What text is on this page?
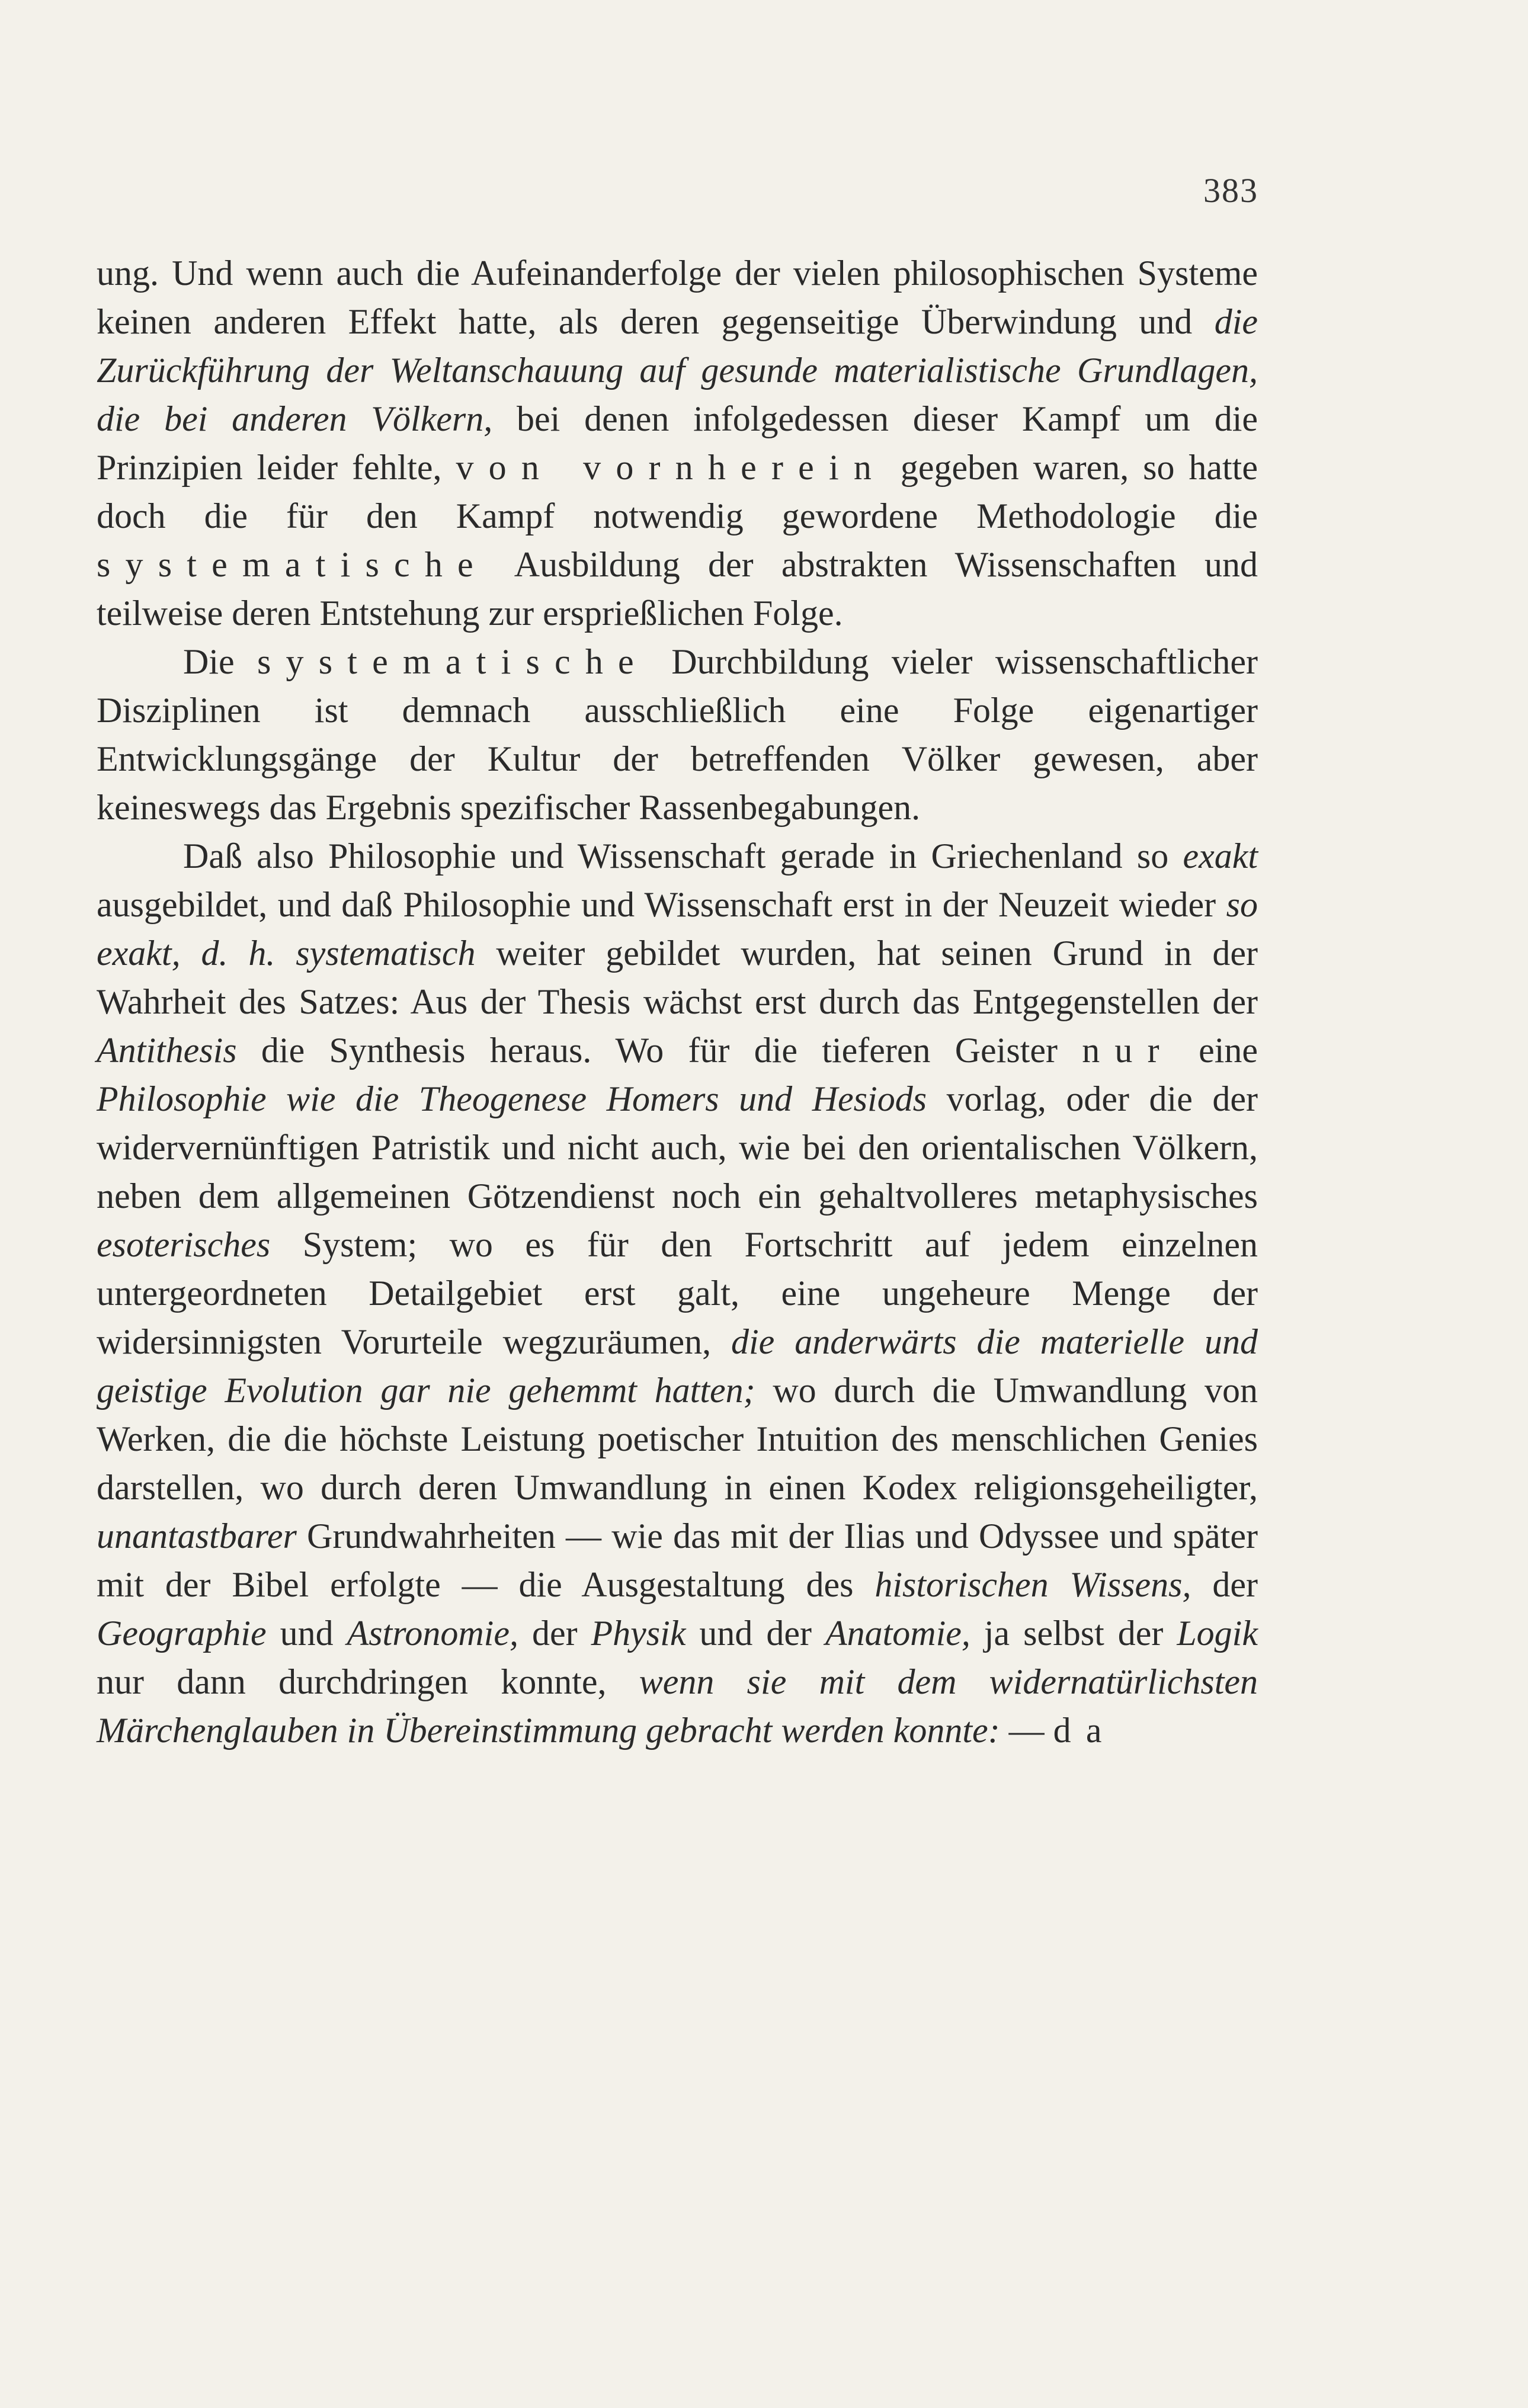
383

ung. Und wenn auch die Aufeinanderfolge der vielen philosophischen Systeme keinen anderen Effekt hatte, als deren gegenseitige Überwindung und die Zurückführung der Weltanschauung auf gesunde materialistische Grundlagen, die bei anderen Völkern, bei denen infolgedessen dieser Kampf um die Prinzipien leider fehlte, von vornherein gegeben waren, so hatte doch die für den Kampf notwendig gewordene Methodologie die systematische Ausbildung der abstrakten Wissenschaften und teilweise deren Entstehung zur ersprießlichen Folge.

Die systematische Durchbildung vieler wissenschaftlicher Disziplinen ist demnach ausschließlich eine Folge eigenartiger Entwicklungsgänge der Kultur der betreffenden Völker gewesen, aber keineswegs das Ergebnis spezifischer Rassenbegabungen.

Daß also Philosophie und Wissenschaft gerade in Griechenland so exakt ausgebildet, und daß Philosophie und Wissenschaft erst in der Neuzeit wieder so exakt, d. h. systematisch weiter gebildet wurden, hat seinen Grund in der Wahrheit des Satzes: Aus der Thesis wächst erst durch das Entgegenstellen der Antithesis die Synthesis heraus. Wo für die tieferen Geister nur eine Philosophie wie die Theogenese Homers und Hesiods vorlag, oder die der widervernünftigen Patristik und nicht auch, wie bei den orientalischen Völkern, neben dem allgemeinen Götzendienst noch ein gehaltvolleres metaphysisches esoterisches System; wo es für den Fortschritt auf jedem einzelnen untergeordneten Detailgebiet erst galt, eine ungeheure Menge der widersinnigsten Vorurteile wegzuräumen, die anderwärts die materielle und geistige Evolution gar nie gehemmt hatten; wo durch die Umwandlung von Werken, die die höchste Leistung poetischer Intuition des menschlichen Genies darstellen, wo durch deren Umwandlung in einen Kodex religionsgeheiligter, unantastbarer Grundwahrheiten — wie das mit der Ilias und Odyssee und später mit der Bibel erfolgte — die Ausgestaltung des historischen Wissens, der Geographie und Astronomie, der Physik und der Anatomie, ja selbst der Logik nur dann durchdringen konnte, wenn sie mit dem widernatürlichsten Märchenglauben in Übereinstimmung gebracht werden konnte: — da
